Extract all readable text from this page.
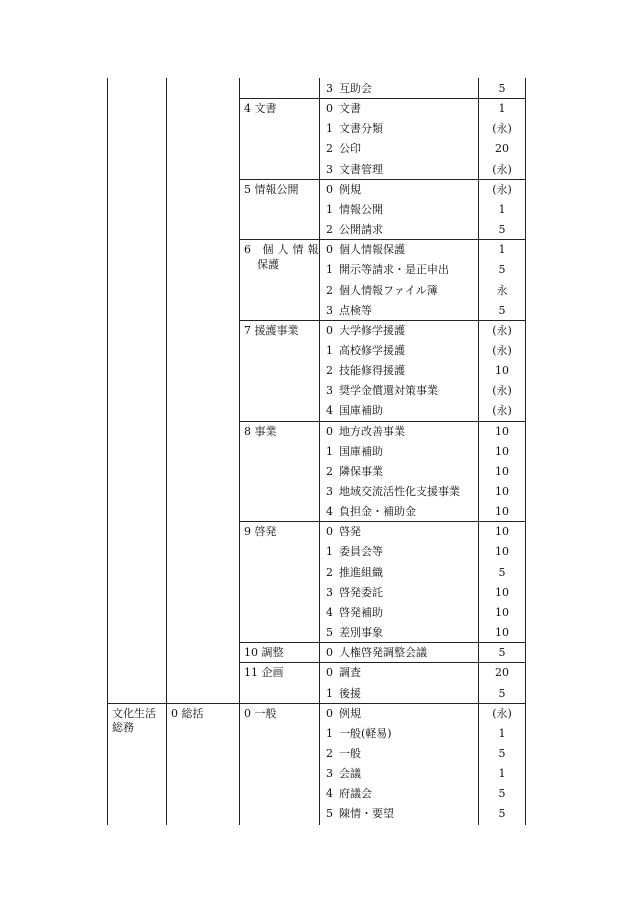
3 互助会	5
4 文書	0 文書	1
1 文書分類	(永)
2 公印	20
3 文書管理	(永)
5 情報公開	0 例規	(永)
1 情報公開	1
2 公開請求	5
6 個人情報
保護
0 個人情報保護	1
1 開示等請求・是正申出	5
2 個人情報ファイル簿	永
3 点検等	5
7 援護事業	0 大学修学援護	(永)
1 高校修学援護	(永)
2 技能修得援護	10
3 奨学金償還対策事業	(永)
4 国庫補助	(永)
8 事業	0 地方改善事業	10
1 国庫補助	10
2 隣保事業	10
3 地域交流活性化支援事業	10
4 負担金・補助金	10
9 啓発	0 啓発	10
1 委員会等	10
2 推進組織	5
3 啓発委託	10
4 啓発補助	10
5 差別事象	10
10 調整	0 人権啓発調整会議	5
11 企画	0 調査	20
1 後援	5
文化生活
総務
0 総括	0 一般	0 例規	(永)
1 一般(軽易)	1
2 一般	5
3 会議	1
4 府議会	5
5 陳情・要望	5
